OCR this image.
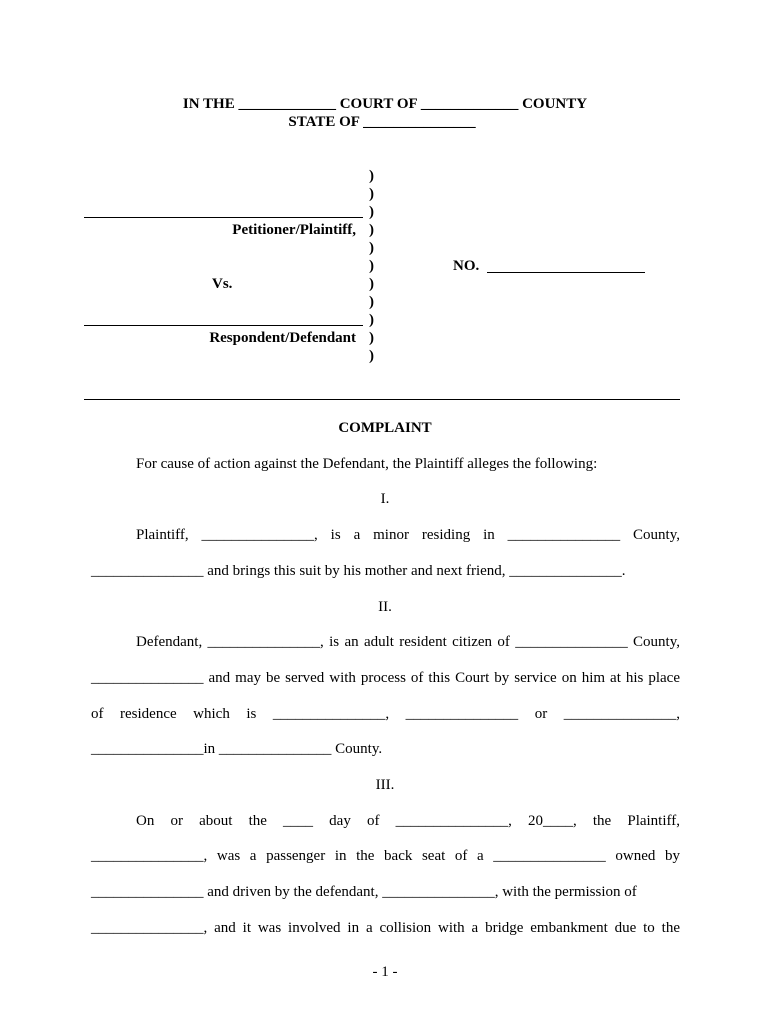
IN THE _____________ COURT OF _____________ COUNTY
STATE OF _______________
)
)
)
)
)
)
)
)
)
)
)
Petitioner/Plaintiff,
Vs.
Respondent/Defendant
NO.
COMPLAINT
For cause of action against the Defendant, the Plaintiff alleges the following:
I.
Plaintiff, _______________, is a minor residing in _______________ County,
_______________ and brings this suit by his mother and next friend, _______________.
II.
Defendant, _______________, is an adult resident citizen of _______________ County,
_______________ and may be served with process of this Court by service on him at his place
of residence which is _______________, _______________ or _______________,
_______________in _______________ County.
III.
On or about the ____ day of _______________, 20____, the Plaintiff,
_______________, was a passenger in the back seat of a _______________ owned by
_______________ and driven by the defendant, _______________, with the permission of
_______________, and it was involved in a collision with a bridge embankment due to the
- 1 -
